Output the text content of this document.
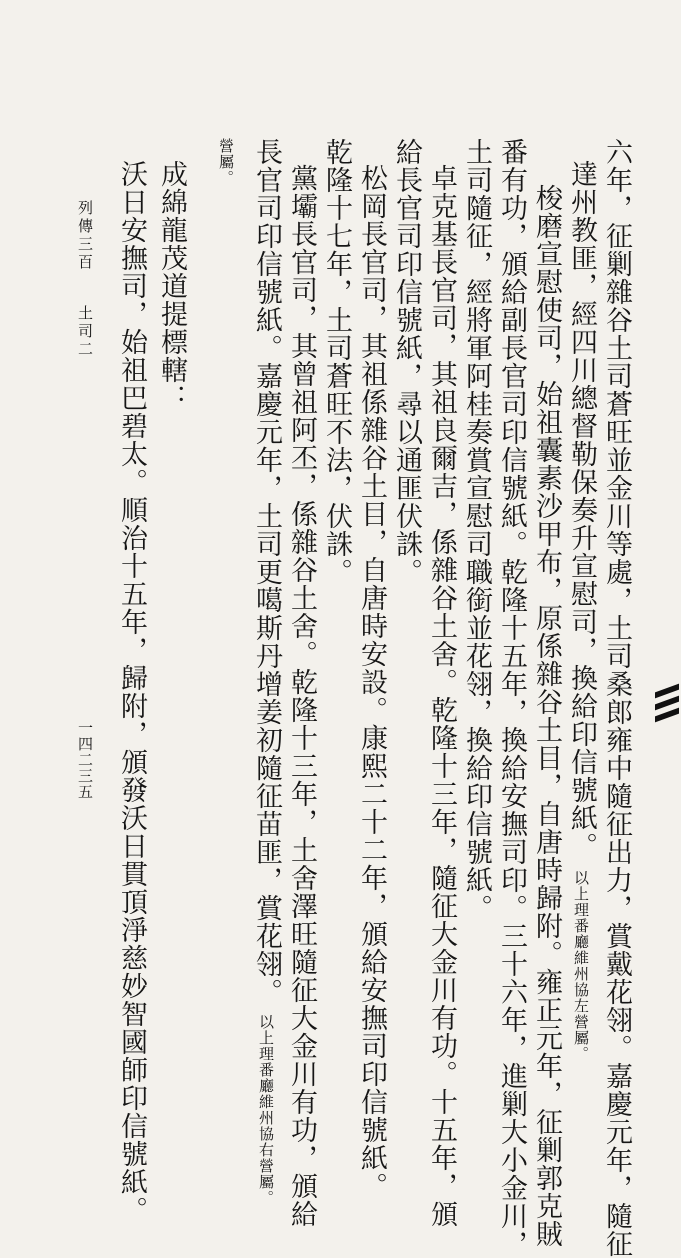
六年，征剿雜谷土司蒼旺並金川等處，土司桑郎雍中隨征出力，賞戴花翎。嘉慶元年，隨征
達州教匪，經四川總督勒保奏升宣慰司，換給印信號紙。以上理番廳維州協左營屬。
梭磨宣慰使司，始祖囊素沙甲布，原係雜谷土目，自唐時歸附。雍正元年，征剿郭克賊
番有功，頒給副長官司印信號紙。乾隆十五年，換給安撫司印。三十六年，進剿大小金川，
土司隨征，經將軍阿桂奏賞宣慰司職銜並花翎，換給印信號紙。
卓克基長官司，其祖良爾吉，係雜谷土舍。乾隆十三年，隨征大金川有功。十五年，頒
給長官司印信號紙，尋以通匪伏誅。
松岡長官司，其祖係雜谷土目，自唐時安設。康熙二十二年，頒給安撫司印信號紙。
乾隆十七年，土司蒼旺不法，伏誅。
黨壩長官司，其曾祖阿丕，係雜谷土舍。乾隆十三年，土舍澤旺隨征大金川有功，頒給
長官司印信號紙。嘉慶元年，土司更噶斯丹增姜初隨征苗匪，賞花翎。以上理番廳維州協右營屬。
營屬。
成綿龍茂道提標轄：
沃日安撫司，始祖巴碧太。順治十五年，歸附，頒發沃日貫頂淨慈妙智國師印信號紙。
列傳三百
土司二
一四二三五
